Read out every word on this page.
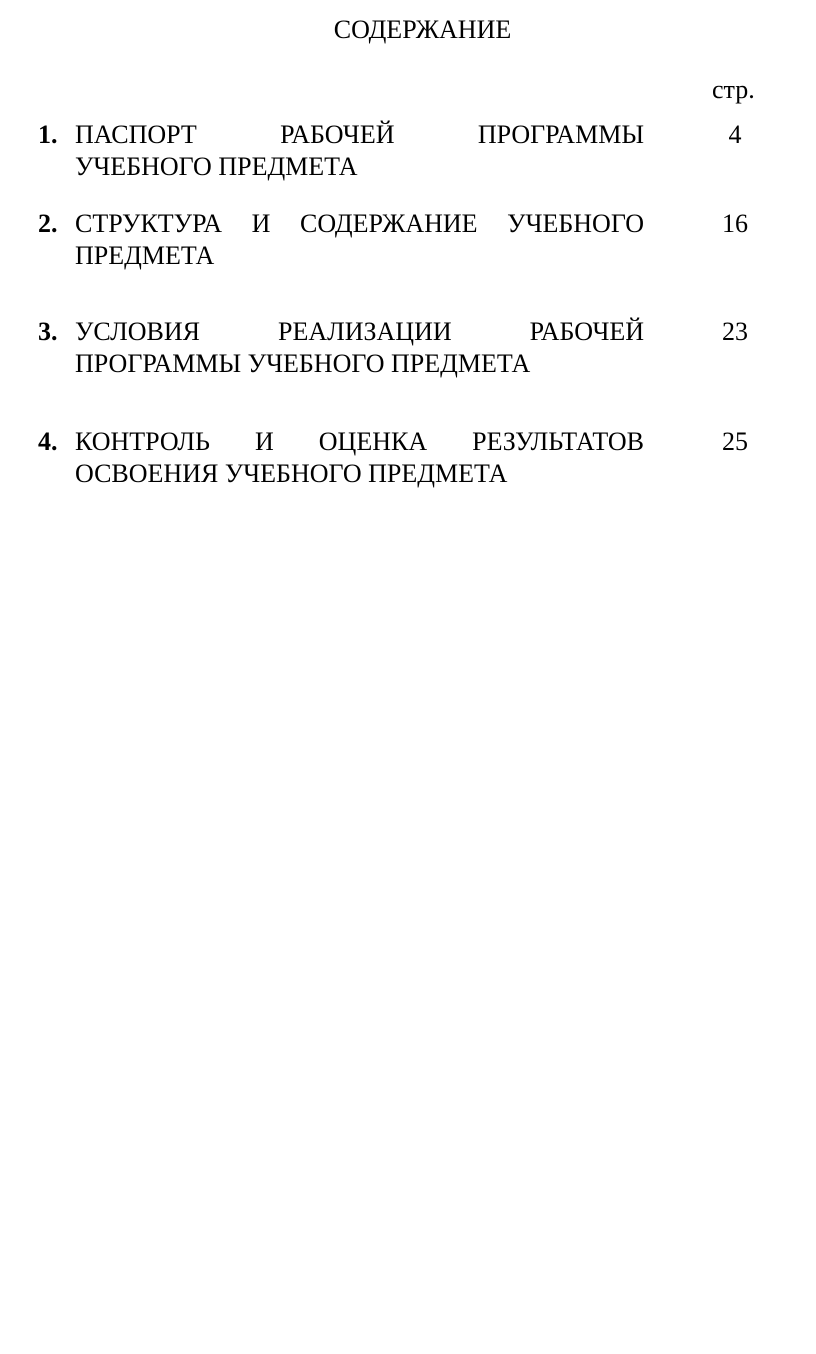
СОДЕРЖАНИЕ
стр.
1. ПАСПОРТ РАБОЧЕЙ ПРОГРАММЫ
УЧЕБНОГО ПРЕДМЕТА
4
2. СТРУКТУРА И СОДЕРЖАНИЕ УЧЕБНОГО
ПРЕДМЕТА
16
3. УСЛОВИЯ РЕАЛИЗАЦИИ РАБОЧЕЙ
ПРОГРАММЫ УЧЕБНОГО ПРЕДМЕТА
23
4. КОНТРОЛЬ И ОЦЕНКА РЕЗУЛЬТАТОВ
ОСВОЕНИЯ УЧЕБНОГО ПРЕДМЕТА
25
